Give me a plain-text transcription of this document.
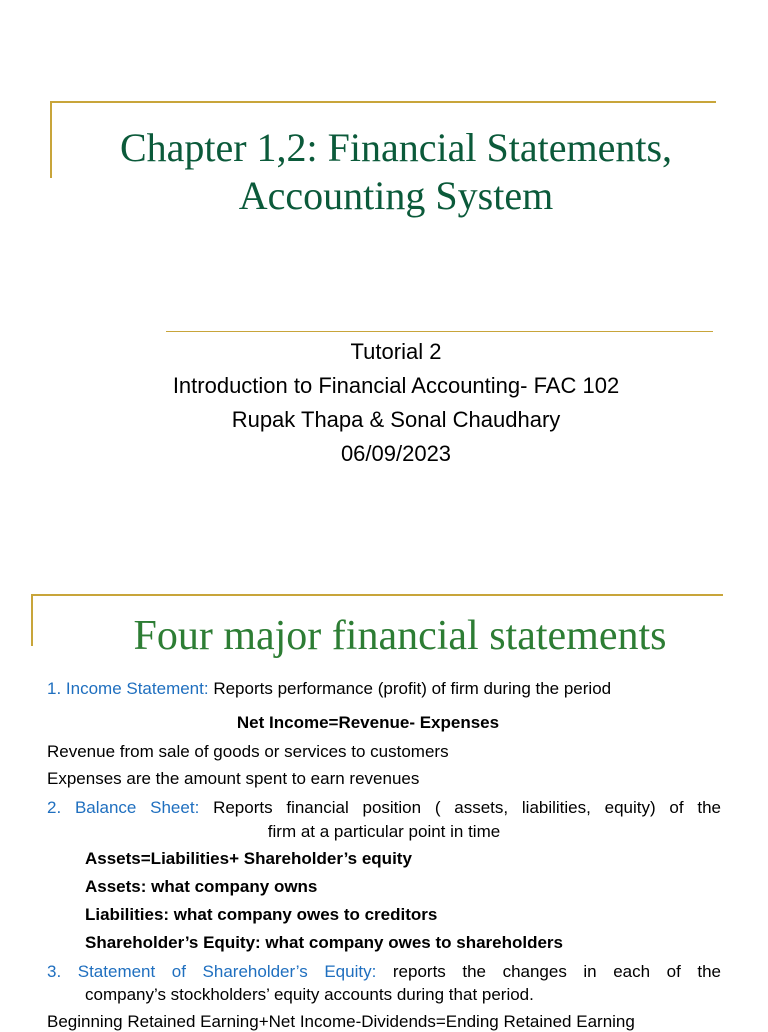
Chapter 1,2: Financial Statements,
Accounting System
Tutorial 2
Introduction to Financial Accounting- FAC 102
Rupak Thapa & Sonal Chaudhary
06/09/2023
Four major financial statements
1. Income Statement: Reports performance (profit) of firm during the period
Net Income=Revenue- Expenses
Revenue from sale of goods or services to customers
Expenses are the amount spent to earn revenues
2. Balance Sheet: Reports financial position ( assets, liabilities, equity) of the
firm at a particular point in time
Assets=Liabilities+ Shareholder’s equity
Assets: what company owns
Liabilities: what company owes to creditors
Shareholder’s Equity: what company owes to shareholders
3. Statement of Shareholder’s Equity: reports the changes in each of the
company’s stockholders’ equity accounts during that period.
Beginning Retained Earning+Net Income-Dividends=Ending Retained Earning
